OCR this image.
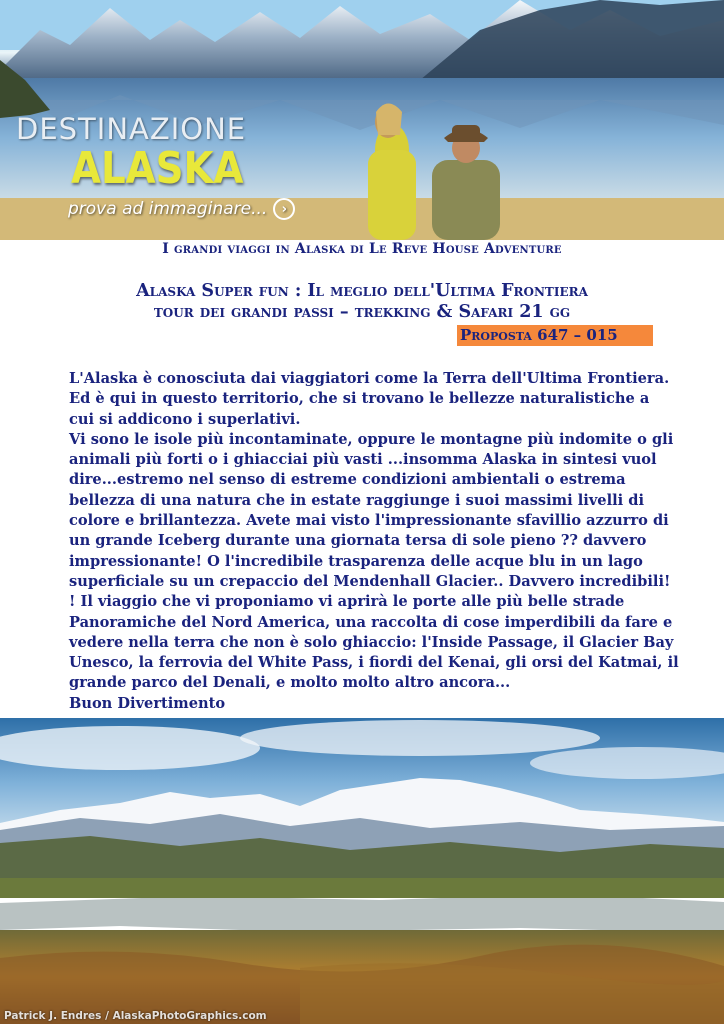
DESTINAZIONE
ALASKA
prova ad immaginare...	›
I grandi viaggi in Alaska di Le Reve House Adventure
Alaska Super fun : Il meglio dell'Ultima Frontiera
tour dei grandi passi – trekking & Safari 21 gg
Proposta 647 – 015

L'Alaska è conosciuta dai viaggiatori come la Terra dell'Ultima Frontiera. Ed è qui in questo territorio, che si trovano le bellezze naturalistiche a cui si addicono i superlativi.

Vi sono le isole più incontaminate, oppure le montagne più indomite o gli animali più forti o i ghiacciai più vasti ...insomma Alaska in sintesi vuol dire...estremo nel senso di estreme condizioni ambientali o estrema bellezza di una natura che in estate raggiunge i suoi massimi livelli di colore e brillantezza. Avete mai visto l'impressionante sfavillio azzurro di un grande Iceberg durante una giornata tersa di sole pieno ?? davvero impressionante! O l'incredibile trasparenza delle acque blu in un lago superficiale su un crepaccio del Mendenhall Glacier.. Davvero incredibili! ! Il viaggio che vi proponiamo vi aprirà le porte alle più belle strade Panoramiche del Nord America, una raccolta di cose imperdibili da fare e vedere nella terra che non è solo ghiaccio: l'Inside Passage, il Glacier Bay Unesco, la ferrovia del White Pass, i fiordi del Kenai, gli orsi del Katmai, il grande parco del Denali, e molto molto altro ancora...

Buon Divertimento

Patrick J. Endres / AlaskaPhotoGraphics.com
